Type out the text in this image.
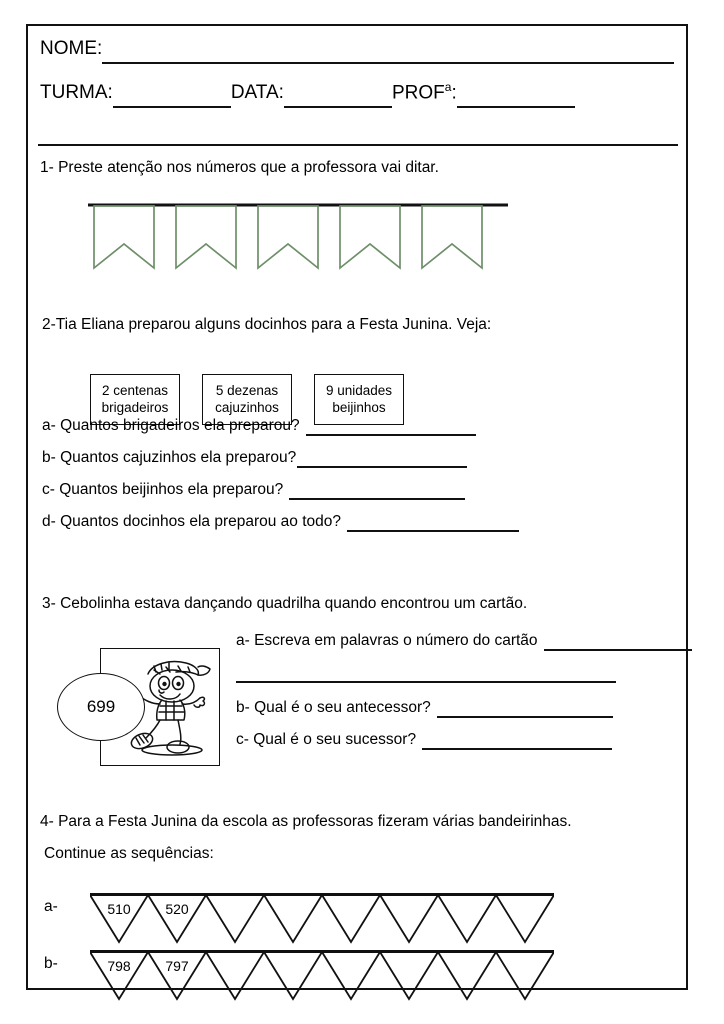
NOME:
TURMA:	DATA:	PROF$^a$:
1- Preste atenção nos números que a professora vai ditar.
2-Tia Eliana preparou alguns docinhos para a Festa Junina. Veja:
2 centenas
brigadeiros
5 dezenas
cajuzinhos
9 unidades
beijinhos
a- Quantos brigadeiros ela preparou?
b- Quantos cajuzinhos ela preparou?
c- Quantos beijinhos ela preparou?
d- Quantos docinhos ela preparou ao todo?
3- Cebolinha estava dançando quadrilha quando encontrou um cartão.
699
a- Escreva em palavras o número do cartão
b- Qual é o seu antecessor?
c- Qual é o seu sucessor?
4- Para a Festa Junina da escola as professoras fizeram várias bandeirinhas.
Continue as sequências:
a-	510 520
b-	798 797
